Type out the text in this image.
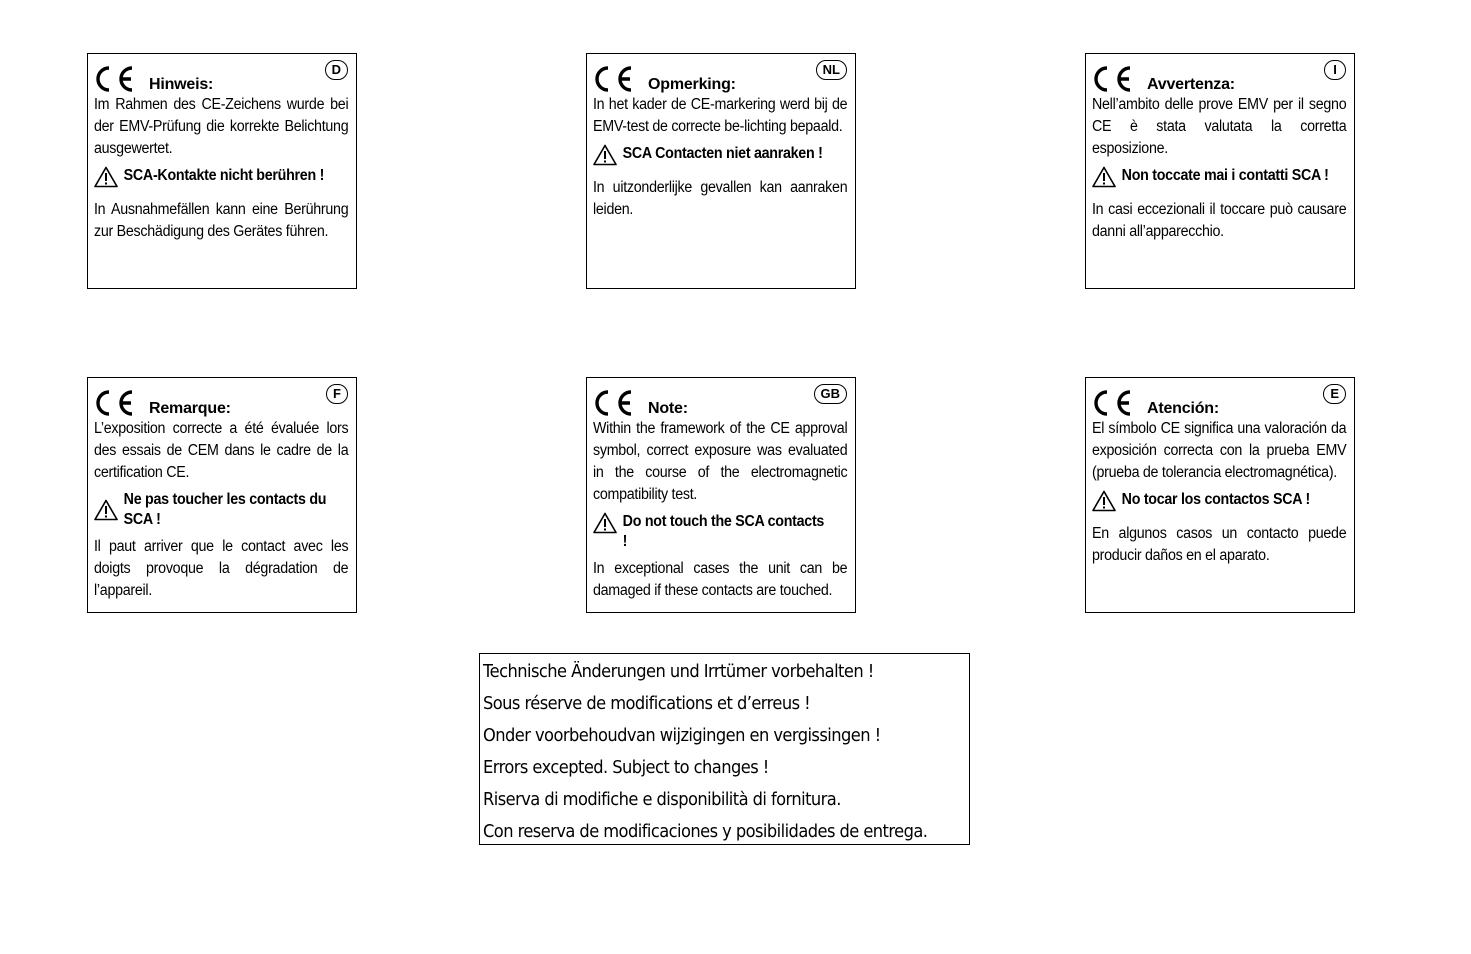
Hinweis:
D
Im Rahmen des CE-Zeichens wurde bei der EMV-Prüfung die korrekte Belichtung ausgewertet.
SCA-Kontakte nicht berühren !
In Ausnahmefällen kann eine Berührung zur Beschädigung des Gerätes führen.
Opmerking:
NL
In het kader de CE-markering werd bij de EMV-test de correcte be-lichting bepaald.
SCA Contacten niet aanraken !
In uitzonderlijke gevallen kan aanraken leiden.
Avvertenza:
I
Nell’ambito delle prove EMV per il segno CE è stata valutata la corretta esposizione.
Non toccate mai i contatti SCA !
In casi eccezionali il toccare può causare danni all’apparecchio.
Remarque:
F
L’exposition correcte a été évaluée lors des essais de CEM dans le cadre de la certification CE.
Ne pas toucher les contacts du SCA !
Il paut arriver que le contact avec les doigts provoque la dégradation de l’appareil.
Note:
GB
Within the framework of the CE approval symbol, correct exposure was evaluated in the course of the electromagnetic compatibility test.
Do not touch the SCA contacts !
In exceptional cases the unit can be damaged if these contacts are touched.
Atención:
E
El símbolo CE significa una valoración da exposición correcta con la prueba EMV (prueba de tolerancia electromagnética).
No tocar los contactos SCA !
En algunos casos un contacto puede producir daños en el aparato.
Technische Änderungen und Irrtümer vorbehalten !
Sous réserve de modifications et d’erreus !
Onder voorbehoudvan wijzigingen en vergissingen !
Errors excepted. Subject to changes !
Riserva di modifiche e disponibilità di fornitura.
Con reserva de modificaciones y posibilidades de entrega.
